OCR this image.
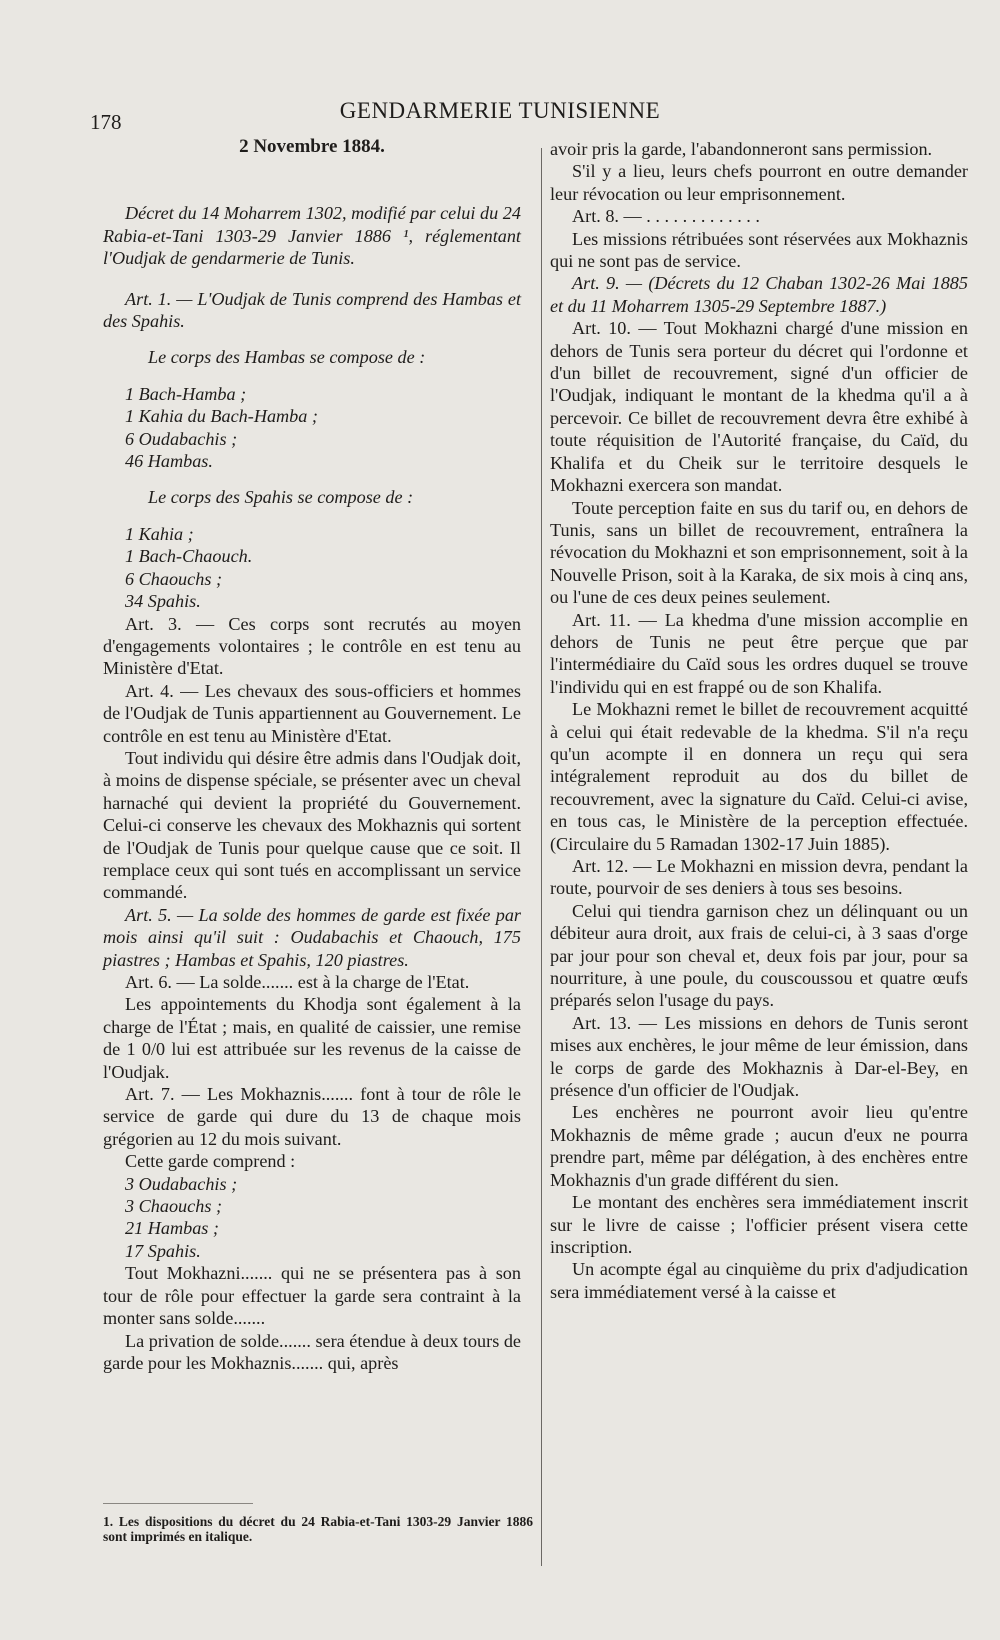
178	GENDARMERIE TUNISIENNE

2 Novembre 1884.

Décret du 14 Moharrem 1302, modifié par celui du 24 Rabia-et-Tani 1303-29 Janvier 1886 ¹, réglementant l'Oudjak de gendarmerie de Tunis.

Art. 1. — L'Oudjak de Tunis comprend des Hambas et des Spahis.

Le corps des Hambas se compose de :

1 Bach-Hamba ;

1 Kahia du Bach-Hamba ;

6 Oudabachis ;

46 Hambas.

Le corps des Spahis se compose de :

1 Kahia ;

1 Bach-Chaouch.

6 Chaouchs ;

34 Spahis.

Art. 3. — Ces corps sont recrutés au moyen d'engagements volontaires ; le contrôle en est tenu au Ministère d'Etat.

Art. 4. — Les chevaux des sous-officiers et hommes de l'Oudjak de Tunis appartiennent au Gouvernement. Le contrôle en est tenu au Ministère d'Etat.

Tout individu qui désire être admis dans l'Oudjak doit, à moins de dispense spéciale, se présenter avec un cheval harnaché qui devient la propriété du Gouvernement. Celui-ci conserve les chevaux des Mokhaznis qui sortent de l'Oudjak de Tunis pour quelque cause que ce soit. Il remplace ceux qui sont tués en accomplissant un service commandé.

Art. 5. — La solde des hommes de garde est fixée par mois ainsi qu'il suit : Oudabachis et Chaouch, 175 piastres ; Hambas et Spahis, 120 piastres.

Art. 6. — La solde....... est à la charge de l'Etat.

Les appointements du Khodja sont également à la charge de l'État ; mais, en qualité de caissier, une remise de 1 0/0 lui est attribuée sur les revenus de la caisse de l'Oudjak.

Art. 7. — Les Mokhaznis....... font à tour de rôle le service de garde qui dure du 13 de chaque mois grégorien au 12 du mois suivant.

Cette garde comprend :

3 Oudabachis ;

3 Chaouchs ;

21 Hambas ;

17 Spahis.

Tout Mokhazni....... qui ne se présentera pas à son tour de rôle pour effectuer la garde sera contraint à la monter sans solde.......

La privation de solde....... sera étendue à deux tours de garde pour les Mokhaznis....... qui, après

avoir pris la garde, l'abandonneront sans permission.

S'il y a lieu, leurs chefs pourront en outre demander leur révocation ou leur emprisonnement.

Art. 8. — . . . . . . . . . . . . .

Les missions rétribuées sont réservées aux Mokhaznis qui ne sont pas de service.

Art. 9. — (Décrets du 12 Chaban 1302-26 Mai 1885 et du 11 Moharrem 1305-29 Septembre 1887.)

Art. 10. — Tout Mokhazni chargé d'une mission en dehors de Tunis sera porteur du décret qui l'ordonne et d'un billet de recouvrement, signé d'un officier de l'Oudjak, indiquant le montant de la khedma qu'il a à percevoir. Ce billet de recouvrement devra être exhibé à toute réquisition de l'Autorité française, du Caïd, du Khalifa et du Cheik sur le territoire desquels le Mokhazni exercera son mandat.

Toute perception faite en sus du tarif ou, en dehors de Tunis, sans un billet de recouvrement, entraînera la révocation du Mokhazni et son emprisonnement, soit à la Nouvelle Prison, soit à la Karaka, de six mois à cinq ans, ou l'une de ces deux peines seulement.

Art. 11. — La khedma d'une mission accomplie en dehors de Tunis ne peut être perçue que par l'intermédiaire du Caïd sous les ordres duquel se trouve l'individu qui en est frappé ou de son Khalifa.

Le Mokhazni remet le billet de recouvrement acquitté à celui qui était redevable de la khedma. S'il n'a reçu qu'un acompte il en donnera un reçu qui sera intégralement reproduit au dos du billet de recouvrement, avec la signature du Caïd. Celui-ci avise, en tous cas, le Ministère de la perception effectuée. (Circulaire du 5 Ramadan 1302-17 Juin 1885).

Art. 12. — Le Mokhazni en mission devra, pendant la route, pourvoir de ses deniers à tous ses besoins.

Celui qui tiendra garnison chez un délinquant ou un débiteur aura droit, aux frais de celui-ci, à 3 saas d'orge par jour pour son cheval et, deux fois par jour, pour sa nourriture, à une poule, du couscoussou et quatre œufs préparés selon l'usage du pays.

Art. 13. — Les missions en dehors de Tunis seront mises aux enchères, le jour même de leur émission, dans le corps de garde des Mokhaznis à Dar-el-Bey, en présence d'un officier de l'Oudjak.

Les enchères ne pourront avoir lieu qu'entre Mokhaznis de même grade ; aucun d'eux ne pourra prendre part, même par délégation, à des enchères entre Mokhaznis d'un grade différent du sien.

Le montant des enchères sera immédiatement inscrit sur le livre de caisse ; l'officier présent visera cette inscription.

Un acompte égal au cinquième du prix d'adjudication sera immédiatement versé à la caisse et

1. Les dispositions du décret du 24 Rabia-et-Tani 1303-29 Janvier 1886 sont imprimés en italique.
